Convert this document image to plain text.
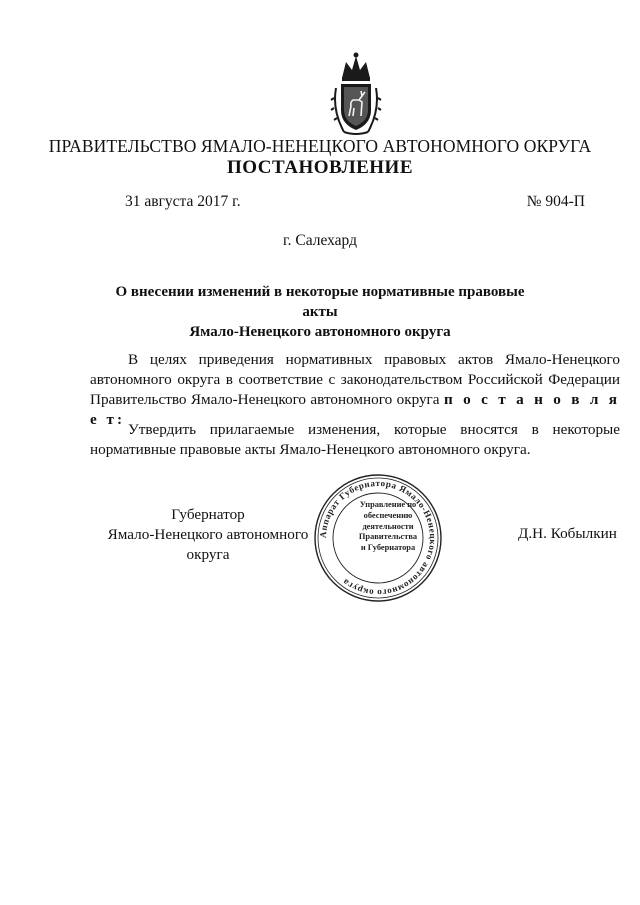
ПРАВИТЕЛЬСТВО ЯМАЛО-НЕНЕЦКОГО АВТОНОМНОГО ОКРУГА
ПОСТАНОВЛЕНИЕ
31 августа 2017 г.	№ 904-П
г. Салехард
О внесении изменений в некоторые нормативные правовые акты
Ямало-Ненецкого автономного округа
В целях приведения нормативных правовых актов Ямало-Ненецкого автономного округа в соответствие с законодательством Российской Федерации Правительство Ямало-Ненецкого автономного округа п о с т а н о в л я е т:
Утвердить прилагаемые изменения, которые вносятся в некоторые нормативные правовые акты Ямало-Ненецкого автономного округа.
Губернатор
Ямало-Ненецкого автономного округа
Аппарат Губернатора Ямало-Ненецкого автономного округа
Управление по
обеспечению
деятельности
Правительства
и Губернатора
Д.Н. Кобылкин
